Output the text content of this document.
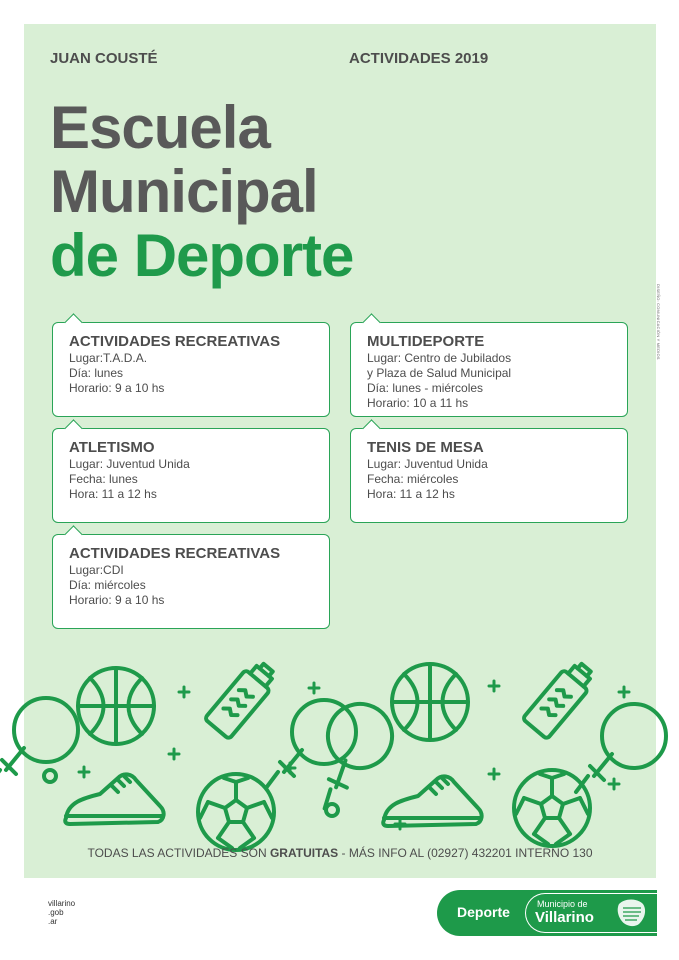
JUAN COUSTÉ	ACTIVIDADES 2019
Escuela
Municipal
de Deporte
DISEÑO: COMUNICACIÓN Y MEDIOS
ACTIVIDADES RECREATIVAS
Lugar:T.A.D.A.
Día: lunes
Horario: 9 a 10 hs
MULTIDEPORTE
Lugar: Centro de Jubilados
y Plaza de Salud Municipal
Día: lunes - miércoles
Horario: 10 a 11 hs
ATLETISMO
Lugar: Juventud Unida
Fecha: lunes
Hora: 11 a 12 hs
TENIS DE MESA
Lugar: Juventud Unida
Fecha: miércoles
Hora: 11 a 12 hs
ACTIVIDADES RECREATIVAS
Lugar:CDI
Día: miércoles
Horario: 9 a 10 hs
TODAS LAS ACTIVIDADES SON GRATUITAS - MÁS INFO AL (02927) 432201 INTERNO 130
villarino
.gob
.ar
Deporte	Municipio de
Villarino
